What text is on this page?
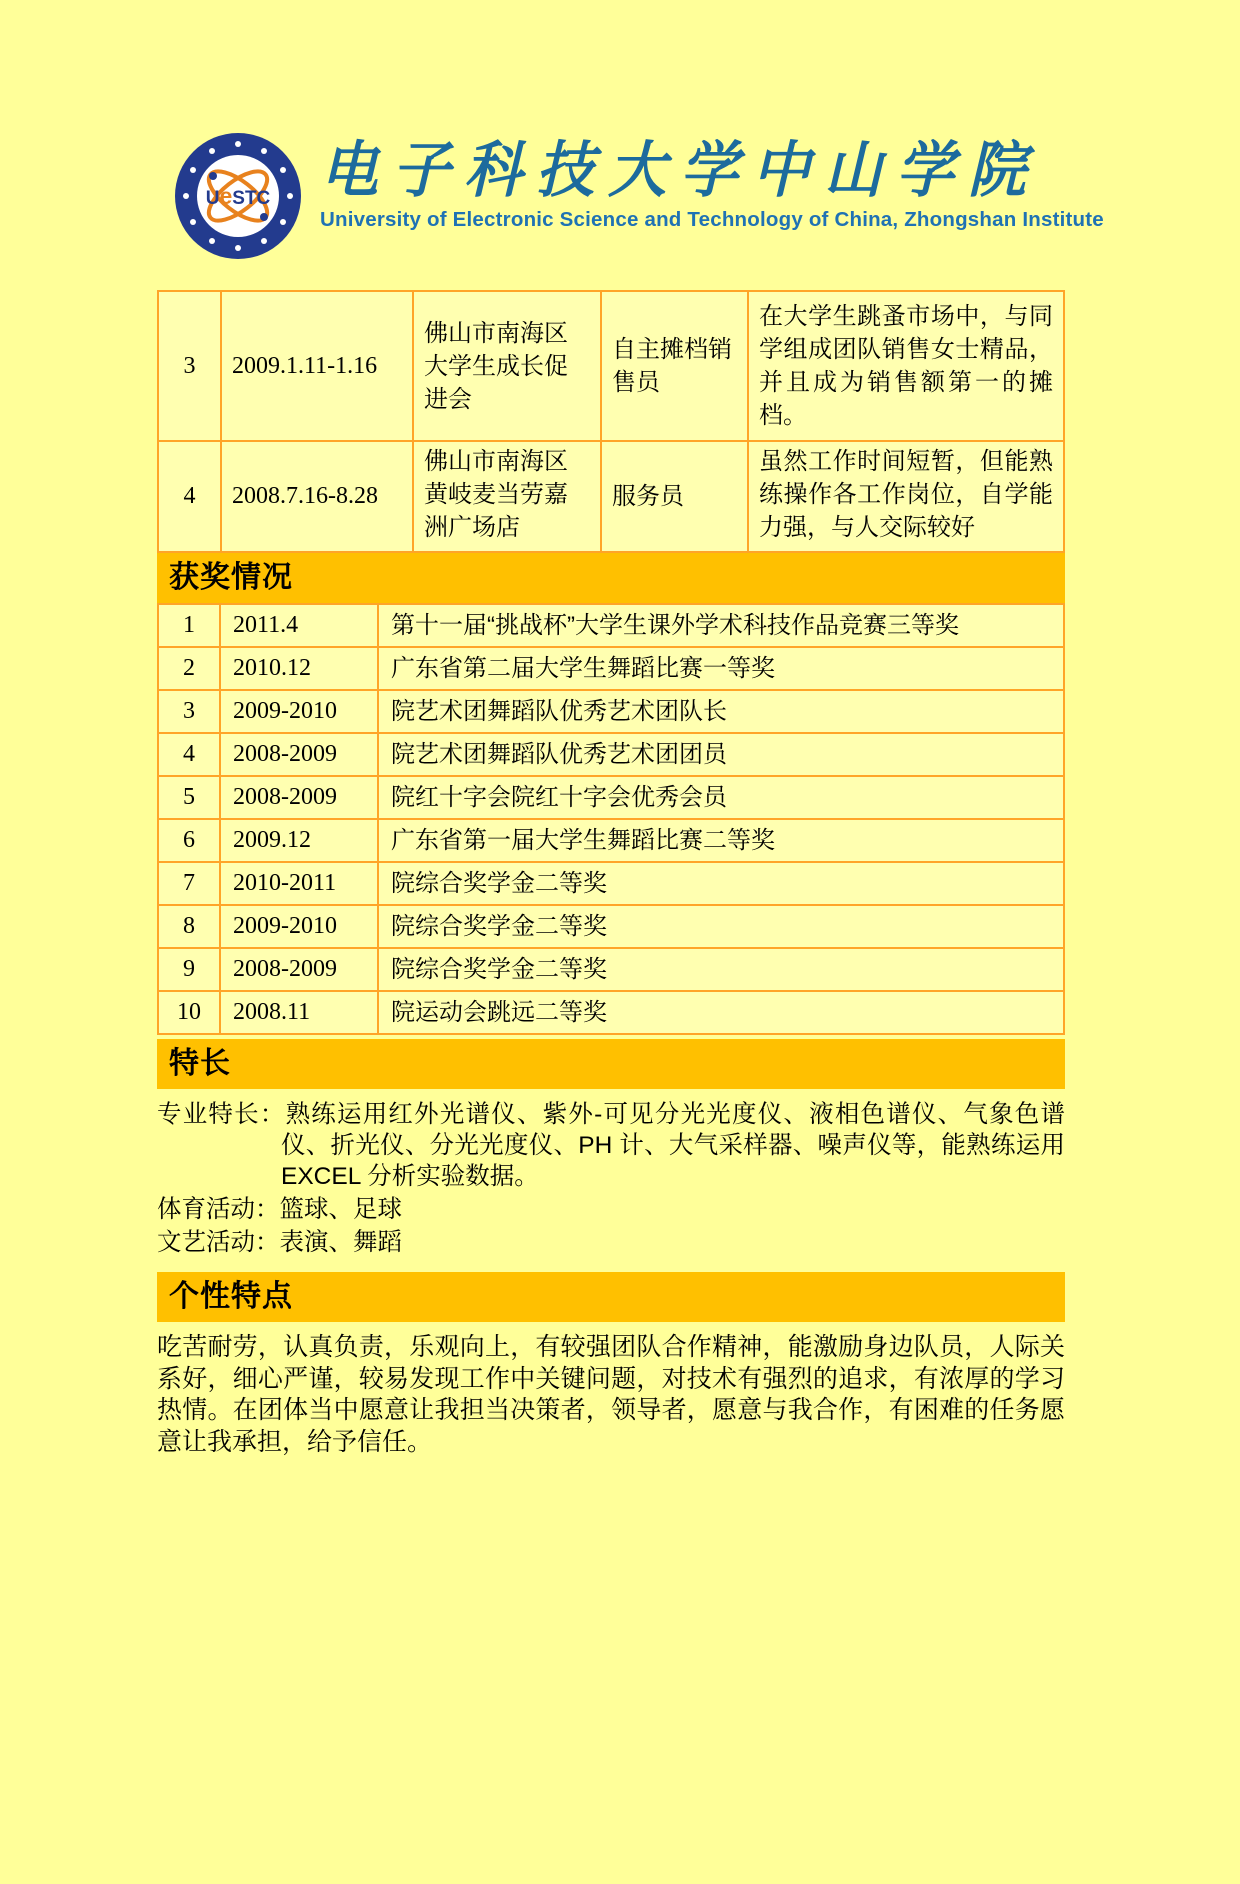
UeSTC 电子科技大学中山学院
University of Electronic Science and Technology of China, Zhongshan Institute
3	2009.1.11-1.16	佛山市南海区大学生成长促进会	自主摊档销售员	在大学生跳蚤市场中，与同学组成团队销售女士精品，并且成为销售额第一的摊档。
4	2008.7.16-8.28	佛山市南海区黄岐麦当劳嘉洲广场店	服务员	虽然工作时间短暂，但能熟练操作各工作岗位，自学能力强，与人交际较好
获奖情况
1	2011.4	第十一届“挑战杯”大学生课外学术科技作品竞赛三等奖
2	2010.12	广东省第二届大学生舞蹈比赛一等奖
3	2009-2010	院艺术团舞蹈队优秀艺术团队长
4	2008-2009	院艺术团舞蹈队优秀艺术团团员
5	2008-2009	院红十字会院红十字会优秀会员
6	2009.12	广东省第一届大学生舞蹈比赛二等奖
7	2010-2011	院综合奖学金二等奖
8	2009-2010	院综合奖学金二等奖
9	2008-2009	院综合奖学金二等奖
10	2008.11	院运动会跳远二等奖
特长

专业特长：熟练运用红外光谱仪、紫外-可见分光光度仪、液相色谱仪、气象色谱仪、折光仪、分光光度仪、PH 计、大气采样器、噪声仪等，能熟练运用 EXCEL 分析实验数据。

体育活动：篮球、足球

文艺活动：表演、舞蹈

个性特点

吃苦耐劳，认真负责，乐观向上，有较强团队合作精神，能激励身边队员，人际关系好，细心严谨，较易发现工作中关键问题，对技术有强烈的追求，有浓厚的学习热情。在团体当中愿意让我担当决策者，领导者，愿意与我合作，有困难的任务愿意让我承担，给予信任。
